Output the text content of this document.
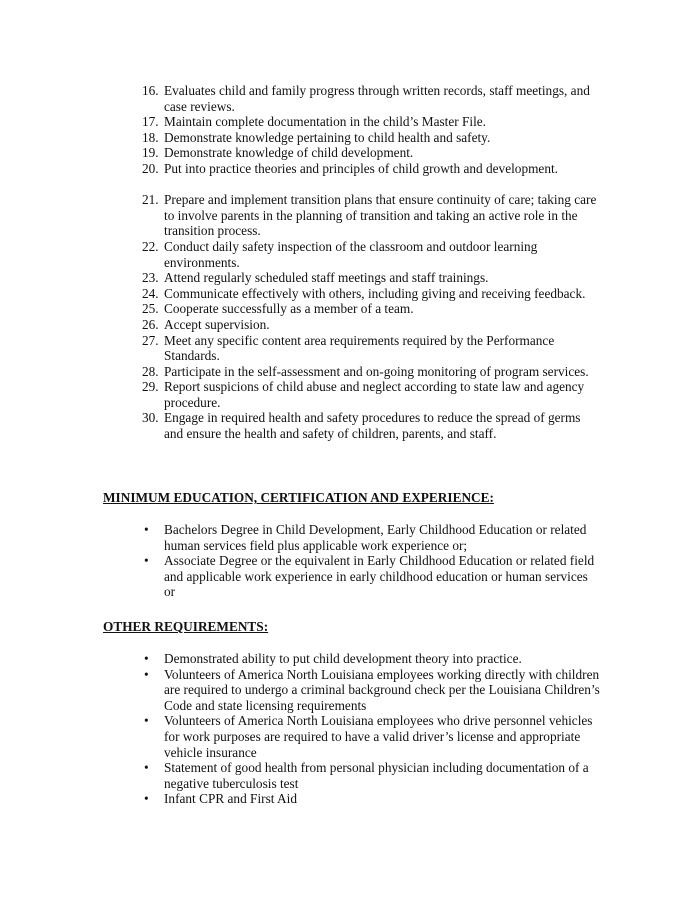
16. Evaluates child and family progress through written records, staff meetings, and case reviews.
17. Maintain complete documentation in the child’s Master File.
18. Demonstrate knowledge pertaining to child health and safety.
19. Demonstrate knowledge of child development.
20. Put into practice theories and principles of child growth and development.
21. Prepare and implement transition plans that ensure continuity of care; taking care to involve parents in the planning of transition and taking an active role in the transition process.
22. Conduct daily safety inspection of the classroom and outdoor learning environments.
23. Attend regularly scheduled staff meetings and staff trainings.
24. Communicate effectively with others, including giving and receiving feedback.
25. Cooperate successfully as a member of a team.
26. Accept supervision.
27. Meet any specific content area requirements required by the Performance Standards.
28. Participate in the self-assessment and on-going monitoring of program services.
29. Report suspicions of child abuse and neglect according to state law and agency procedure.
30. Engage in required health and safety procedures to reduce the spread of germs and ensure the health and safety of children, parents, and staff.
MINIMUM EDUCATION, CERTIFICATION AND EXPERIENCE:
• Bachelors Degree in Child Development, Early Childhood Education or related human services field plus applicable work experience or;
• Associate Degree or the equivalent in Early Childhood Education or related field and applicable work experience in early childhood education or human services or
OTHER REQUIREMENTS:
• Demonstrated ability to put child development theory into practice.
• Volunteers of America North Louisiana employees working directly with children are required to undergo a criminal background check per the Louisiana Children’s Code and state licensing requirements
• Volunteers of America North Louisiana employees who drive personnel vehicles for work purposes are required to have a valid driver’s license and appropriate vehicle insurance
• Statement of good health from personal physician including documentation of a negative tuberculosis test
• Infant CPR and First Aid
